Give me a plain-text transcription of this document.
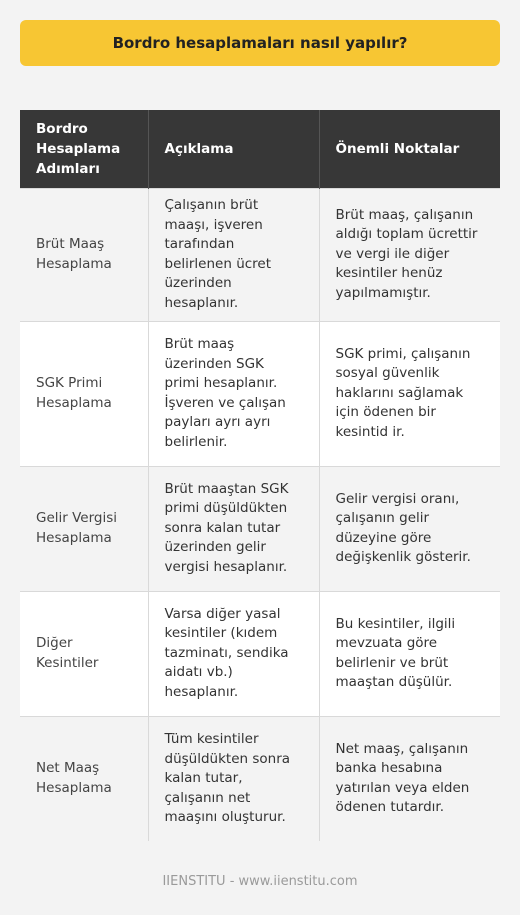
Bordro hesaplamaları nasıl yapılır?
Bordro Hesaplama Adımları	Açıklama	Önemli Noktalar
Brüt Maaş Hesaplama	Çalışanın brüt maaşı, işveren tarafından belirlenen ücret üzerinden hesaplanır.	Brüt maaş, çalışanın aldığı toplam ücrettir ve vergi ile diğer kesintiler henüz yapılmamıştır.
SGK Primi Hesaplama	Brüt maaş üzerinden SGK primi hesaplanır. İşveren ve çalışan payları ayrı ayrı belirlenir.	SGK primi, çalışanın sosyal güvenlik haklarını sağlamak için ödenen bir kesintid ir.
Gelir Vergisi Hesaplama	Brüt maaştan SGK primi düşüldükten sonra kalan tutar üzerinden gelir vergisi hesaplanır.	Gelir vergisi oranı, çalışanın gelir düzeyine göre değişkenlik gösterir.
Diğer Kesintiler	Varsa diğer yasal kesintiler (kıdem tazminatı, sendika aidatı vb.) hesaplanır.	Bu kesintiler, ilgili mevzuata göre belirlenir ve brüt maaştan düşülür.
Net Maaş Hesaplama	Tüm kesintiler düşüldükten sonra kalan tutar, çalışanın net maaşını oluşturur.	Net maaş, çalışanın banka hesabına yatırılan veya elden ödenen tutardır.
IIENSTITU - www.iienstitu.com
